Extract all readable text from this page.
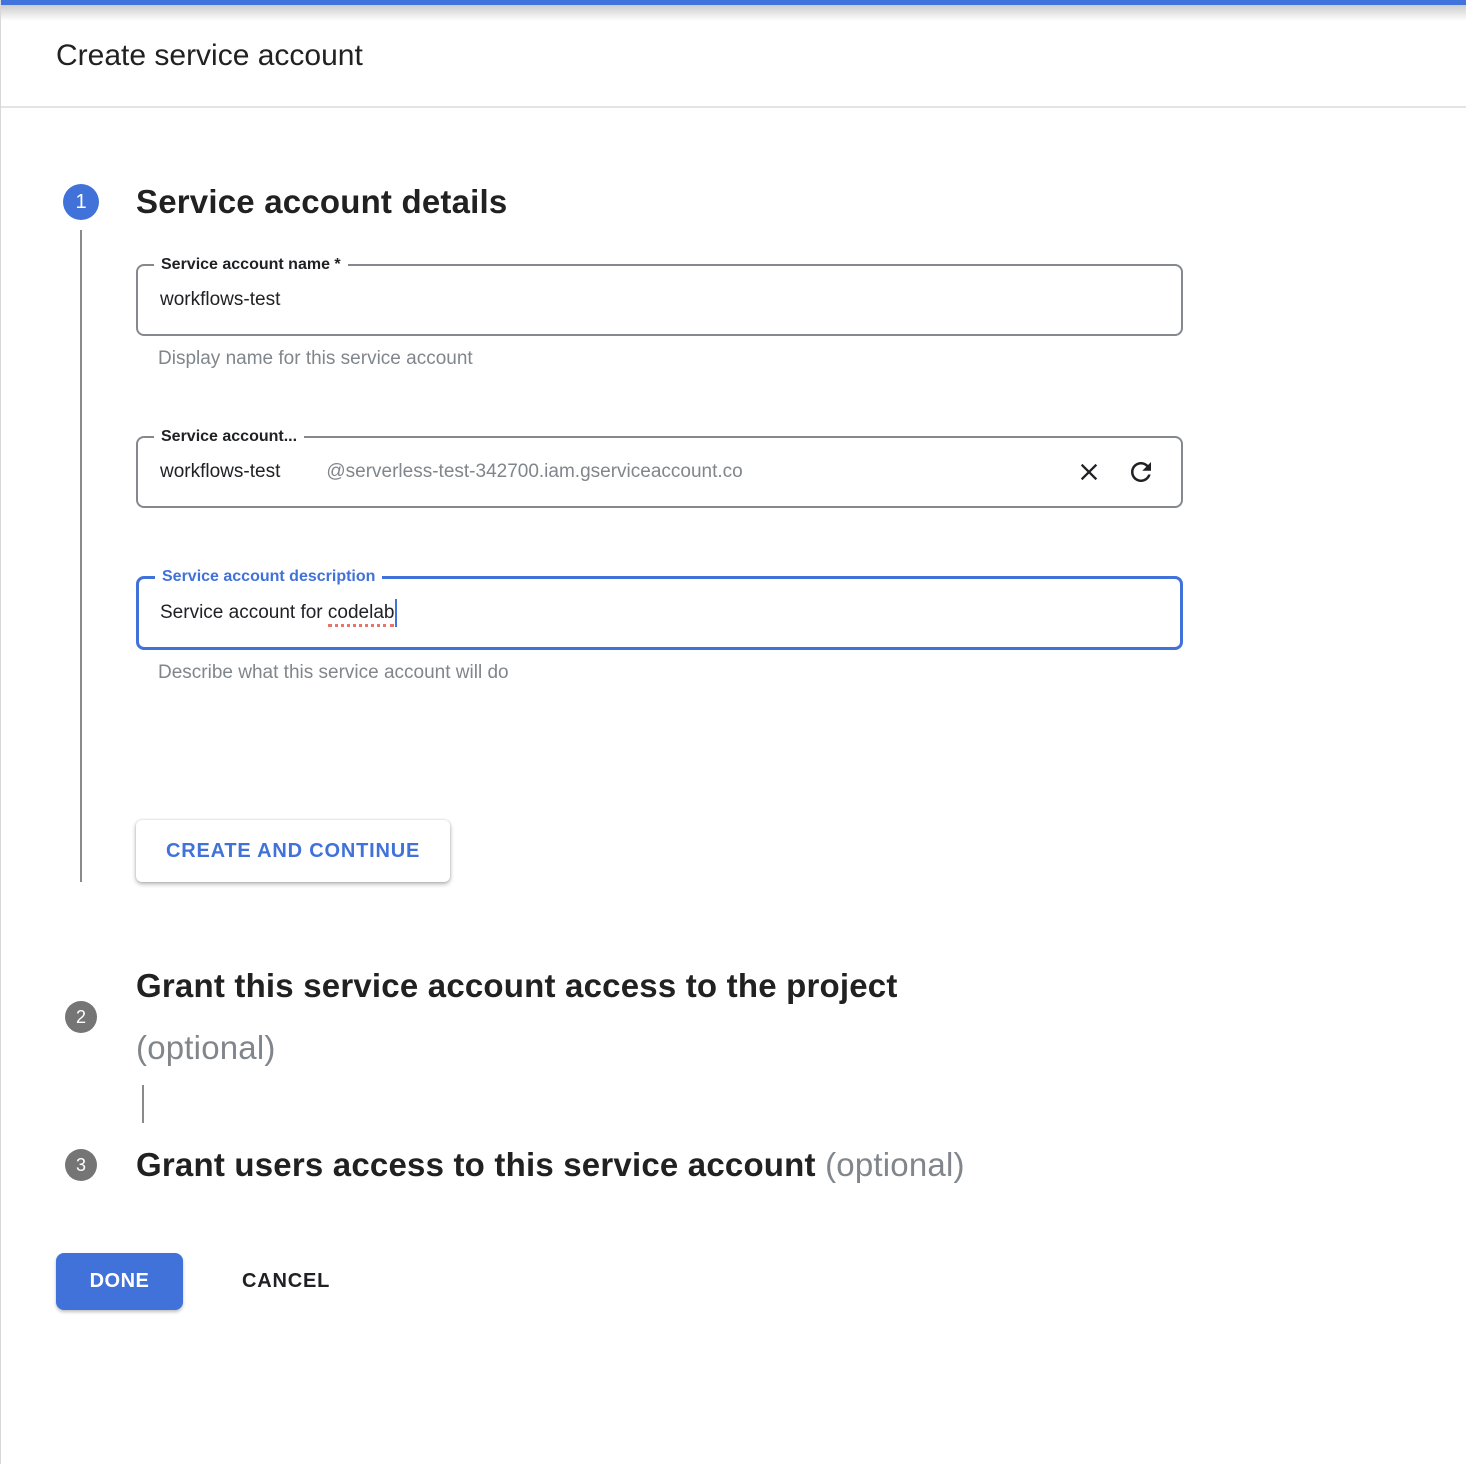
Create service account
1 Service account details
Service account name *
workflows-test
Display name for this service account
Service account...
workflows-test @serverless-test-342700.iam.gserviceaccount.co
Service account description
Service account for codelab
Describe what this service account will do
CREATE AND CONTINUE
2
Grant this service account access to the project
(optional)
3 Grant users access to this service account (optional)
DONE	CANCEL
